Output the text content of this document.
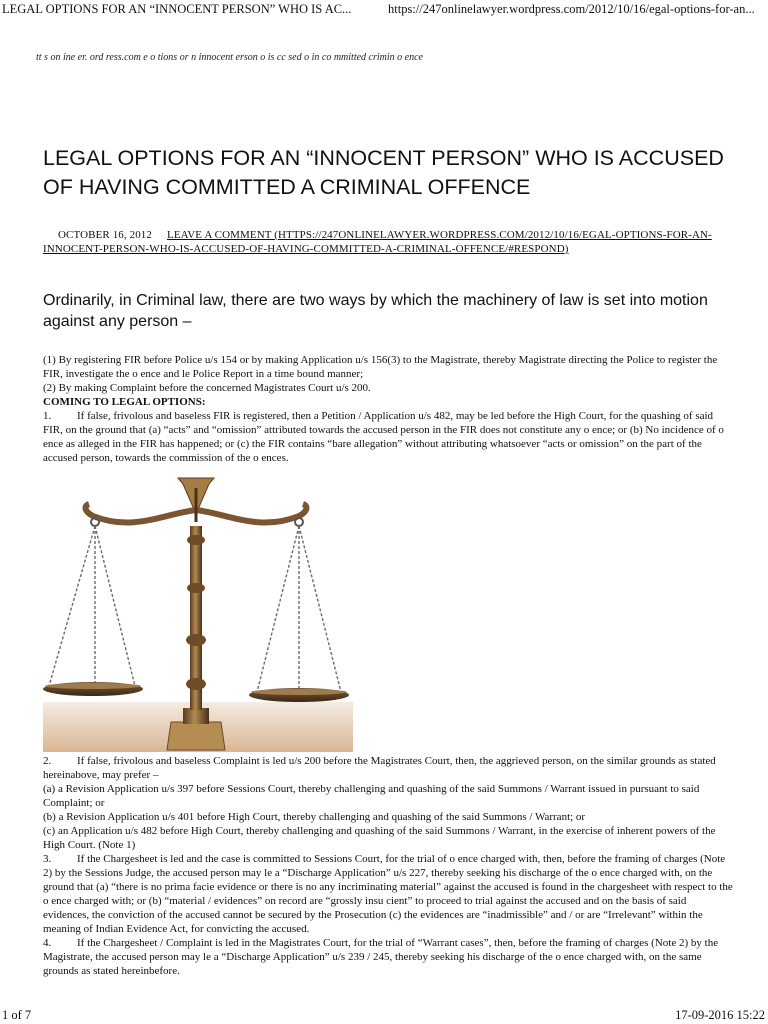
LEGAL OPTIONS FOR AN “INNOCENT PERSON” WHO IS AC...	https://247onlinelawyer.wordpress.com/2012/10/16/egal-options-for-an...
tt s on ine er. ord ress.com e o tions or n innocent erson o is cc sed o in co mmitted crimin o ence
LEGAL OPTIONS FOR AN “INNOCENT PERSON” WHO IS ACCUSED OF HAVING COMMITTED A CRIMINAL OFFENCE
OCTOBER 16, 2012 LEAVE A COMMENT (HTTPS://247ONLINELAWYER.WORDPRESS.COM/2012/10/16/EGAL-OPTIONS-FOR-AN-INNOCENT-PERSON-WHO-IS-ACCUSED-OF-HAVING-COMMITTED-A-CRIMINAL-OFFENCE/#RESPOND)

Ordinarily, in Criminal law, there are two ways by which the machinery of law is set into motion against any person –

(1) By registering FIR before Police u/s 154 or by making Application u/s 156(3) to the Magistrate, thereby Magistrate directing the Police to register the FIR, investigate the o ence and le Police Report in a time bound manner;

(2) By making Complaint before the concerned Magistrates Court u/s 200.

COMING TO LEGAL OPTIONS:

1. If false, frivolous and baseless FIR is registered, then a Petition / Application u/s 482, may be led before the High Court, for the quashing of said FIR, on the ground that (a) “acts” and “omission” attributed towards the accused person in the FIR does not constitute any o ence; or (b) No incidence of o ence as alleged in the FIR has happened; or (c) the FIR contains “bare allegation” without attributing whatsoever “acts or omission” on the part of the accused person, towards the commission of the o ences.

2. If false, frivolous and baseless Complaint is led u/s 200 before the Magistrates Court, then, the aggrieved person, on the similar grounds as stated hereinabove, may prefer –

(a) a Revision Application u/s 397 before Sessions Court, thereby challenging and quashing of the said Summons / Warrant issued in pursuant to said Complaint; or

(b) a Revision Application u/s 401 before High Court, thereby challenging and quashing of the said Summons / Warrant; or

(c) an Application u/s 482 before High Court, thereby challenging and quashing of the said Summons / Warrant, in the exercise of inherent powers of the High Court. (Note 1)

3. If the Chargesheet is led and the case is committed to Sessions Court, for the trial of o ence charged with, then, before the framing of charges (Note 2) by the Sessions Judge, the accused person may le a “Discharge Application” u/s 227, thereby seeking his discharge of the o ence charged with, on the ground that (a) “there is no prima facie evidence or there is no any incriminating material” against the accused is found in the chargesheet with respect to the o ence charged with; or (b) “material / evidences” on record are “grossly insu cient” to proceed to trial against the accused and on the basis of said evidences, the conviction of the accused cannot be secured by the Prosecution (c) the evidences are “inadmissible” and / or are “Irrelevant” within the meaning of Indian Evidence Act, for convicting the accused.

4. If the Chargesheet / Complaint is led in the Magistrates Court, for the trial of “Warrant cases”, then, before the framing of charges (Note 2) by the Magistrate, the accused person may le a “Discharge Application” u/s 239 / 245, thereby seeking his discharge of the o ence charged with, on the same grounds as stated hereinbefore.

1 of 7	17-09-2016 15:22
